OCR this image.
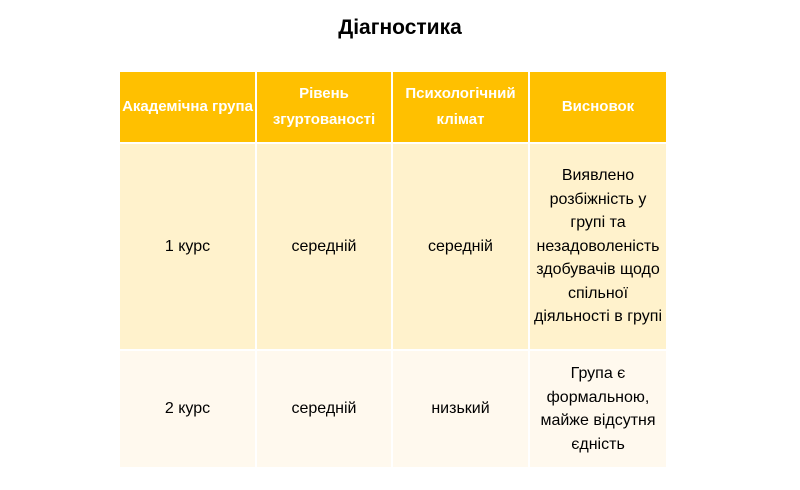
Діагностика
Академічна група	Рівень згуртованості	Психологічний клімат	Висновок
1 курс	середній	середній	Виявлено розбіжність у групі та незадоволеність здобувачів щодо спільної діяльності в групі
2 курс	середній	низький	Група є формальною, майже відсутня єдність
